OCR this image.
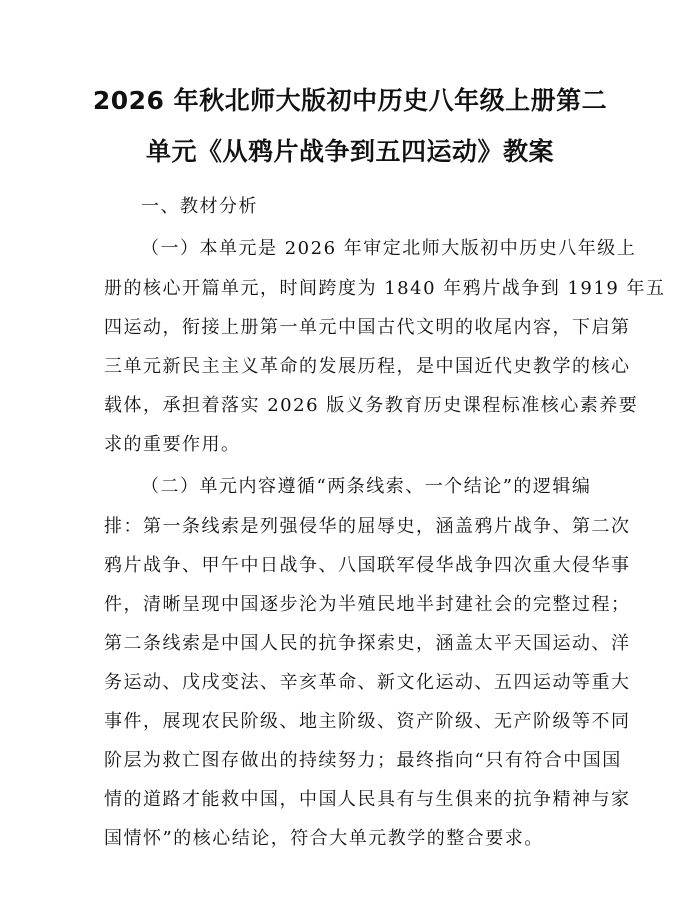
2026 年秋北师大版初中历史八年级上册第二
单元《从鸦片战争到五四运动》教案
一、教材分析
（一）本单元是 2026 年审定北师大版初中历史八年级上
册的核心开篇单元，时间跨度为 1840 年鸦片战争到 1919 年五
四运动，衔接上册第一单元中国古代文明的收尾内容，下启第
三单元新民主主义革命的发展历程，是中国近代史教学的核心
载体，承担着落实 2026 版义务教育历史课程标准核心素养要
求的重要作用。
（二）单元内容遵循“两条线索、一个结论”的逻辑编
排：第一条线索是列强侵华的屈辱史，涵盖鸦片战争、第二次
鸦片战争、甲午中日战争、八国联军侵华战争四次重大侵华事
件，清晰呈现中国逐步沦为半殖民地半封建社会的完整过程；
第二条线索是中国人民的抗争探索史，涵盖太平天国运动、洋
务运动、戊戌变法、辛亥革命、新文化运动、五四运动等重大
事件，展现农民阶级、地主阶级、资产阶级、无产阶级等不同
阶层为救亡图存做出的持续努力；最终指向“只有符合中国国
情的道路才能救中国，中国人民具有与生俱来的抗争精神与家
国情怀”的核心结论，符合大单元教学的整合要求。
